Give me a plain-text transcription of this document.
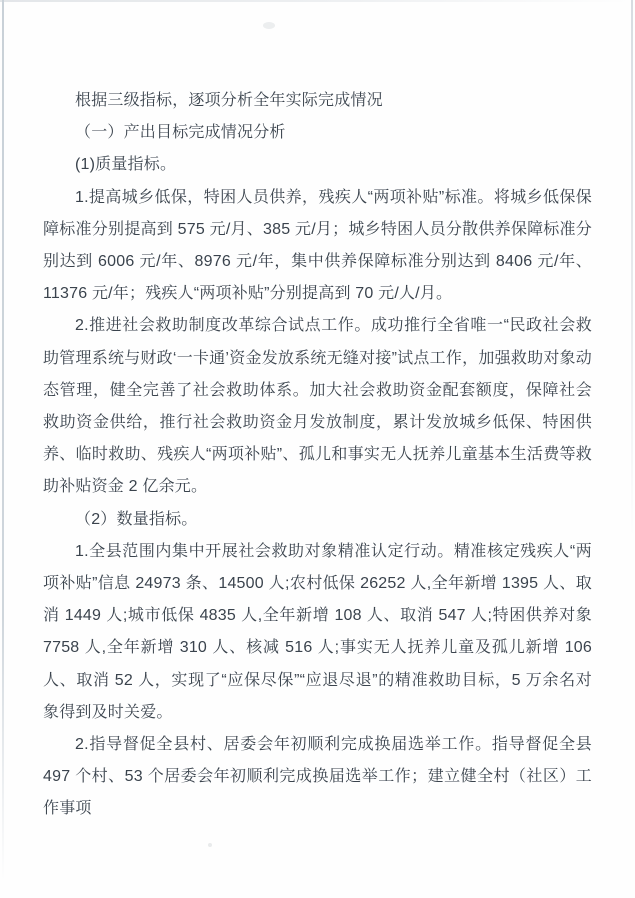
根据三级指标，逐项分析全年实际完成情况

（一）产出目标完成情况分析

(1)质量指标。

1.提高城乡低保，特困人员供养，残疾人“两项补贴”标准。将城乡低保保障标准分别提高到 575 元/月、385 元/月；城乡特困人员分散供养保障标准分别达到 6006 元/年、8976 元/年，集中供养保障标准分别达到 8406 元/年、11376 元/年；残疾人“两项补贴”分别提高到 70 元/人/月。

2.推进社会救助制度改革综合试点工作。成功推行全省唯一“民政社会救助管理系统与财政‘一卡通’资金发放系统无缝对接”试点工作，加强救助对象动态管理，健全完善了社会救助体系。加大社会救助资金配套额度，保障社会救助资金供给，推行社会救助资金月发放制度，累计发放城乡低保、特困供养、临时救助、残疾人“两项补贴”、孤儿和事实无人抚养儿童基本生活费等救助补贴资金 2 亿余元。

（2）数量指标。

1.全县范围内集中开展社会救助对象精准认定行动。精准核定残疾人“两项补贴”信息 24973 条、14500 人;农村低保 26252 人,全年新增 1395 人、取消 1449 人;城市低保 4835 人,全年新增 108 人、取消 547 人;特困供养对象 7758 人,全年新增 310 人、核减 516 人;事实无人抚养儿童及孤儿新增 106 人、取消 52 人，实现了“应保尽保”“应退尽退”的精准救助目标，5 万余名对象得到及时关爱。

2.指导督促全县村、居委会年初顺利完成换届选举工作。指导督促全县 497 个村、53 个居委会年初顺利完成换届选举工作；建立健全村（社区）工作事项
